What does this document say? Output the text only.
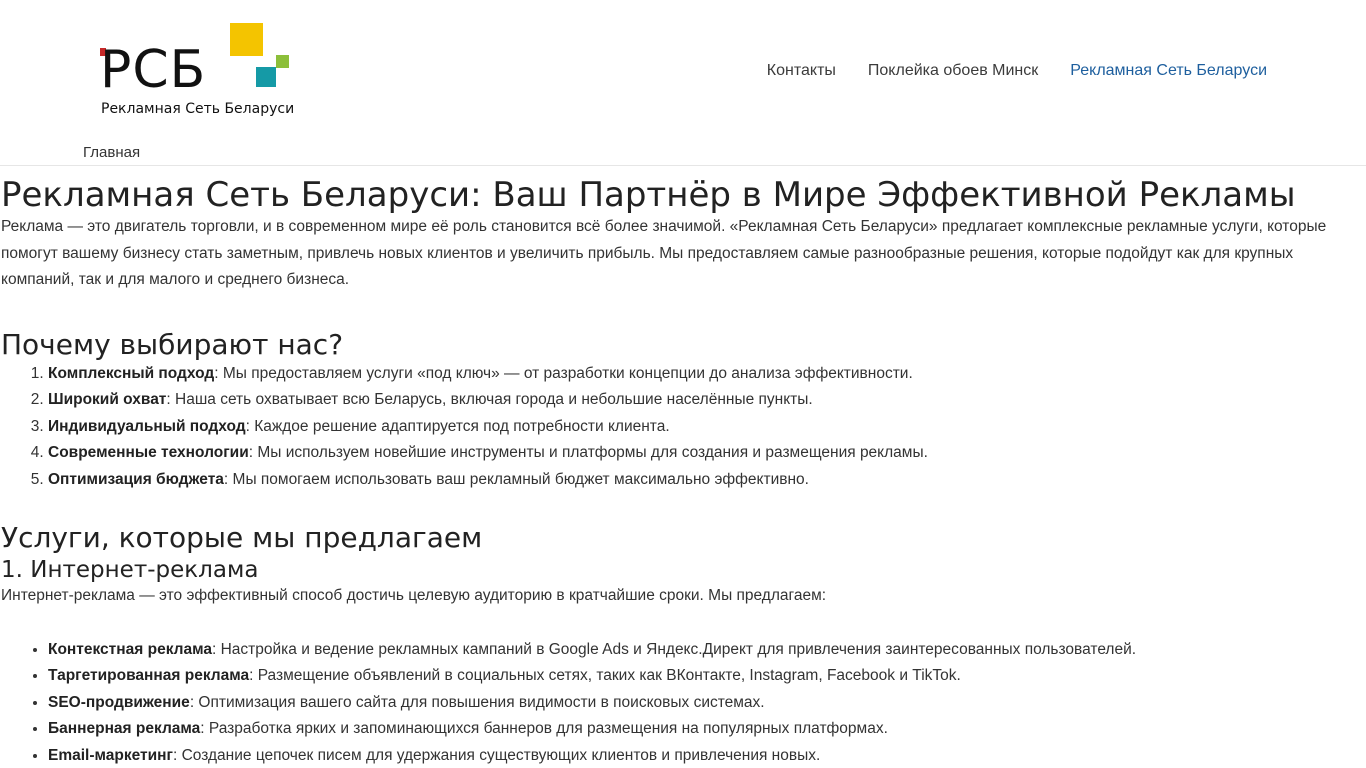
РСБ
Рекламная Сеть Беларуси
Контакты Поклейка обоев Минск Рекламная Сеть Беларуси
Главная
Рекламная Сеть Беларуси: Ваш Партнёр в Мире Эффективной Рекламы

Реклама — это двигатель торговли, и в современном мире её роль становится всё более значимой. «Рекламная Сеть Беларуси» предлагает комплексные рекламные услуги, которые помогут вашему бизнесу стать заметным, привлечь новых клиентов и увеличить прибыль. Мы предоставляем самые разнообразные решения, которые подойдут как для крупных компаний, так и для малого и среднего бизнеса.

Почему выбирают нас?
1. Комплексный подход: Мы предоставляем услуги «под ключ» — от разработки концепции до анализа эффективности.
2. Широкий охват: Наша сеть охватывает всю Беларусь, включая города и небольшие населённые пункты.
3. Индивидуальный подход: Каждое решение адаптируется под потребности клиента.
4. Современные технологии: Мы используем новейшие инструменты и платформы для создания и размещения рекламы.
5. Оптимизация бюджета: Мы помогаем использовать ваш рекламный бюджет максимально эффективно.
Услуги, которые мы предлагаем
1. Интернет-реклама

Интернет-реклама — это эффективный способ достичь целевую аудиторию в кратчайшие сроки. Мы предлагаем:

• Контекстная реклама: Настройка и ведение рекламных кампаний в Google Ads и Яндекс.Директ для привлечения заинтересованных пользователей.
• Таргетированная реклама: Размещение объявлений в социальных сетях, таких как ВКонтакте, Instagram, Facebook и TikTok.
• SEO-продвижение: Оптимизация вашего сайта для повышения видимости в поисковых системах.
• Баннерная реклама: Разработка ярких и запоминающихся баннеров для размещения на популярных платформах.
• Email-маркетинг: Создание цепочек писем для удержания существующих клиентов и привлечения новых.
